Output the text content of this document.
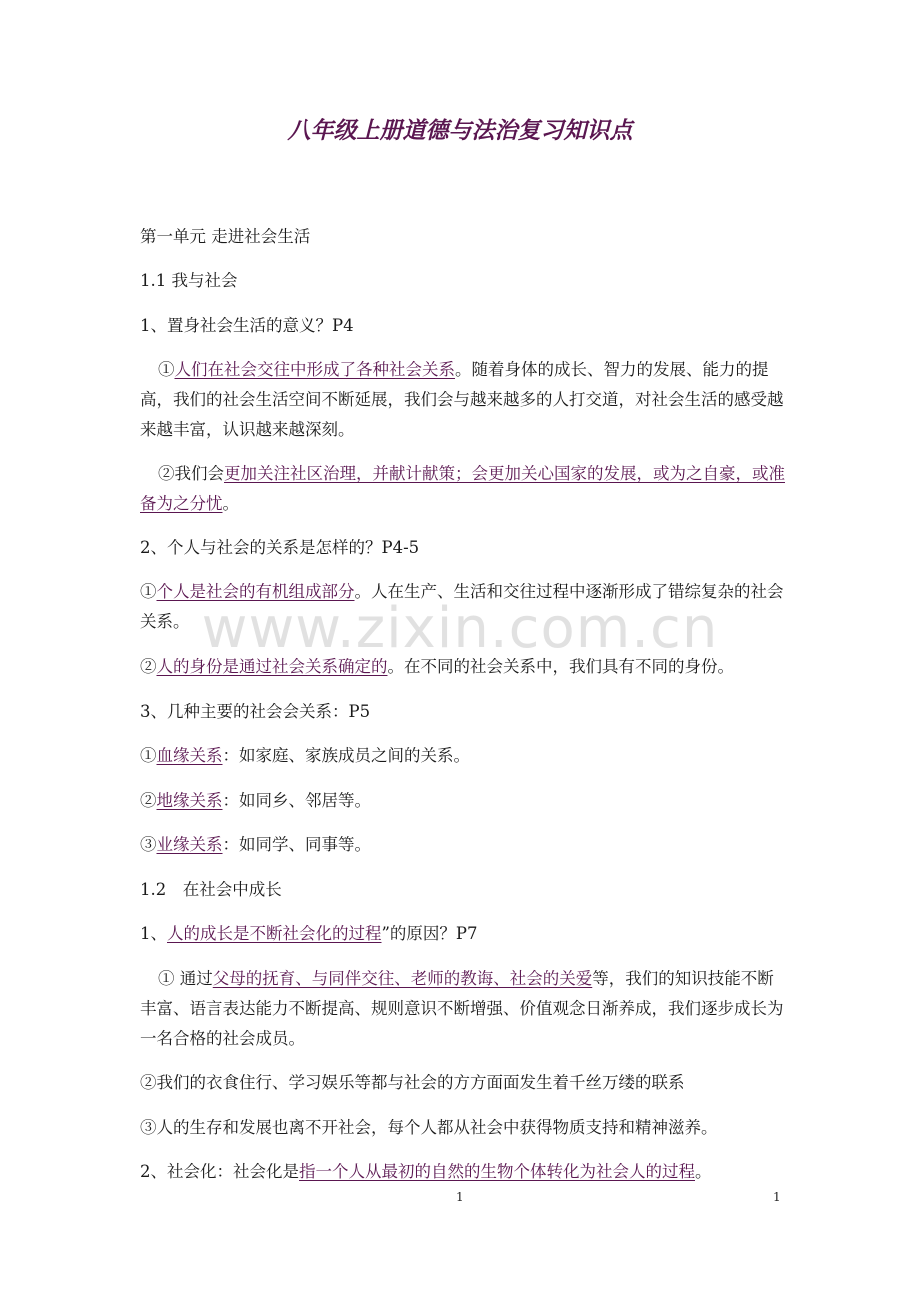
八年级上册道德与法治复习知识点
www.zixin.com.cn

第一单元 走进社会生活

1.1 我与社会

1、置身社会生活的意义？P4

①人们在社会交往中形成了各种社会关系。随着身体的成长、智力的发展、能力的提高，我们的社会生活空间不断延展，我们会与越来越多的人打交道，对社会生活的感受越来越丰富，认识越来越深刻。

②我们会更加关注社区治理，并献计献策；会更加关心国家的发展，或为之自豪，或准备为之分忧。

2、个人与社会的关系是怎样的？P4-5

①个人是社会的有机组成部分。人在生产、生活和交往过程中逐渐形成了错综复杂的社会关系。

②人的身份是通过社会关系确定的。在不同的社会关系中，我们具有不同的身份。

3、几种主要的社会会关系：P5

①血缘关系：如家庭、家族成员之间的关系。

②地缘关系：如同乡、邻居等。

③业缘关系：如同学、同事等。

1.2　在社会中成长

1、人的成长是不断社会化的过程”的原因？P7

① 通过父母的抚育、与同伴交往、老师的教诲、社会的关爱等，我们的知识技能不断丰富、语言表达能力不断提高、规则意识不断增强、价值观念日渐养成，我们逐步成长为一名合格的社会成员。

②我们的衣食住行、学习娱乐等都与社会的方方面面发生着千丝万缕的联系

③人的生存和发展也离不开社会，每个人都从社会中获得物质支持和精神滋养。

2、社会化：社会化是指一个人从最初的自然的生物个体转化为社会人的过程。

1	1
